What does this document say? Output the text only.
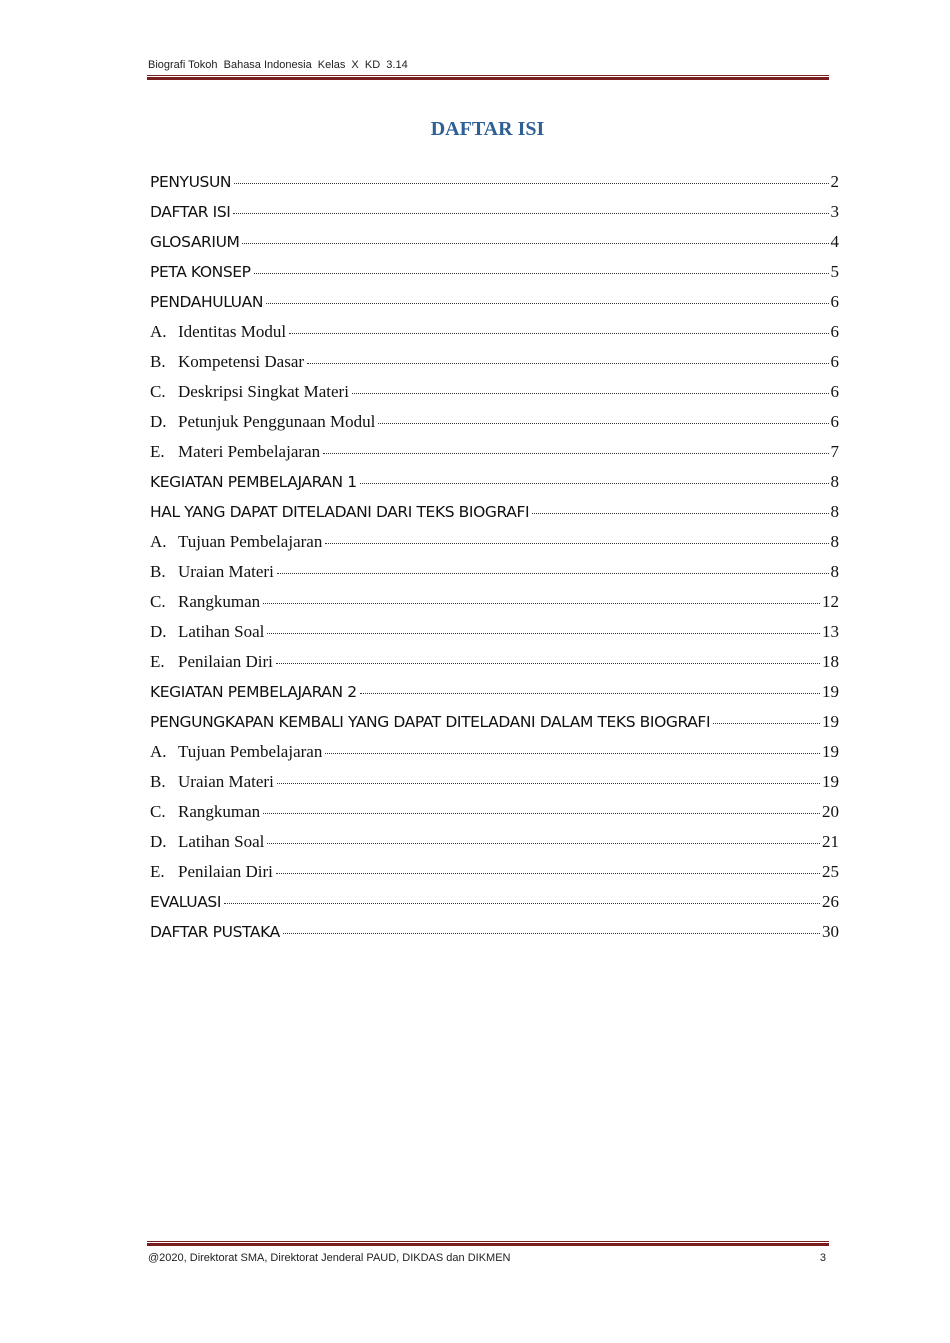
Biografi Tokoh  Bahasa Indonesia  Kelas  X  KD  3.14
DAFTAR ISI
PENYUSUN	2
DAFTAR ISI	3
GLOSARIUM	4
PETA KONSEP	5
PENDAHULUAN	6
A. Identitas Modul	6
B. Kompetensi Dasar	6
C. Deskripsi Singkat Materi	6
D. Petunjuk Penggunaan Modul	6
E. Materi Pembelajaran	7
KEGIATAN PEMBELAJARAN 1	8
HAL YANG DAPAT DITELADANI DARI TEKS BIOGRAFI	8
A. Tujuan Pembelajaran	8
B. Uraian Materi	8
C. Rangkuman	12
D. Latihan Soal	13
E. Penilaian Diri	18
KEGIATAN PEMBELAJARAN 2	19
PENGUNGKAPAN KEMBALI YANG DAPAT DITELADANI DALAM TEKS BIOGRAFI	19
A. Tujuan Pembelajaran	19
B. Uraian Materi	19
C. Rangkuman	20
D. Latihan Soal	21
E. Penilaian Diri	25
EVALUASI	26
DAFTAR PUSTAKA	30
@2020, Direktorat SMA, Direktorat Jenderal PAUD, DIKDAS dan DIKMEN	3
